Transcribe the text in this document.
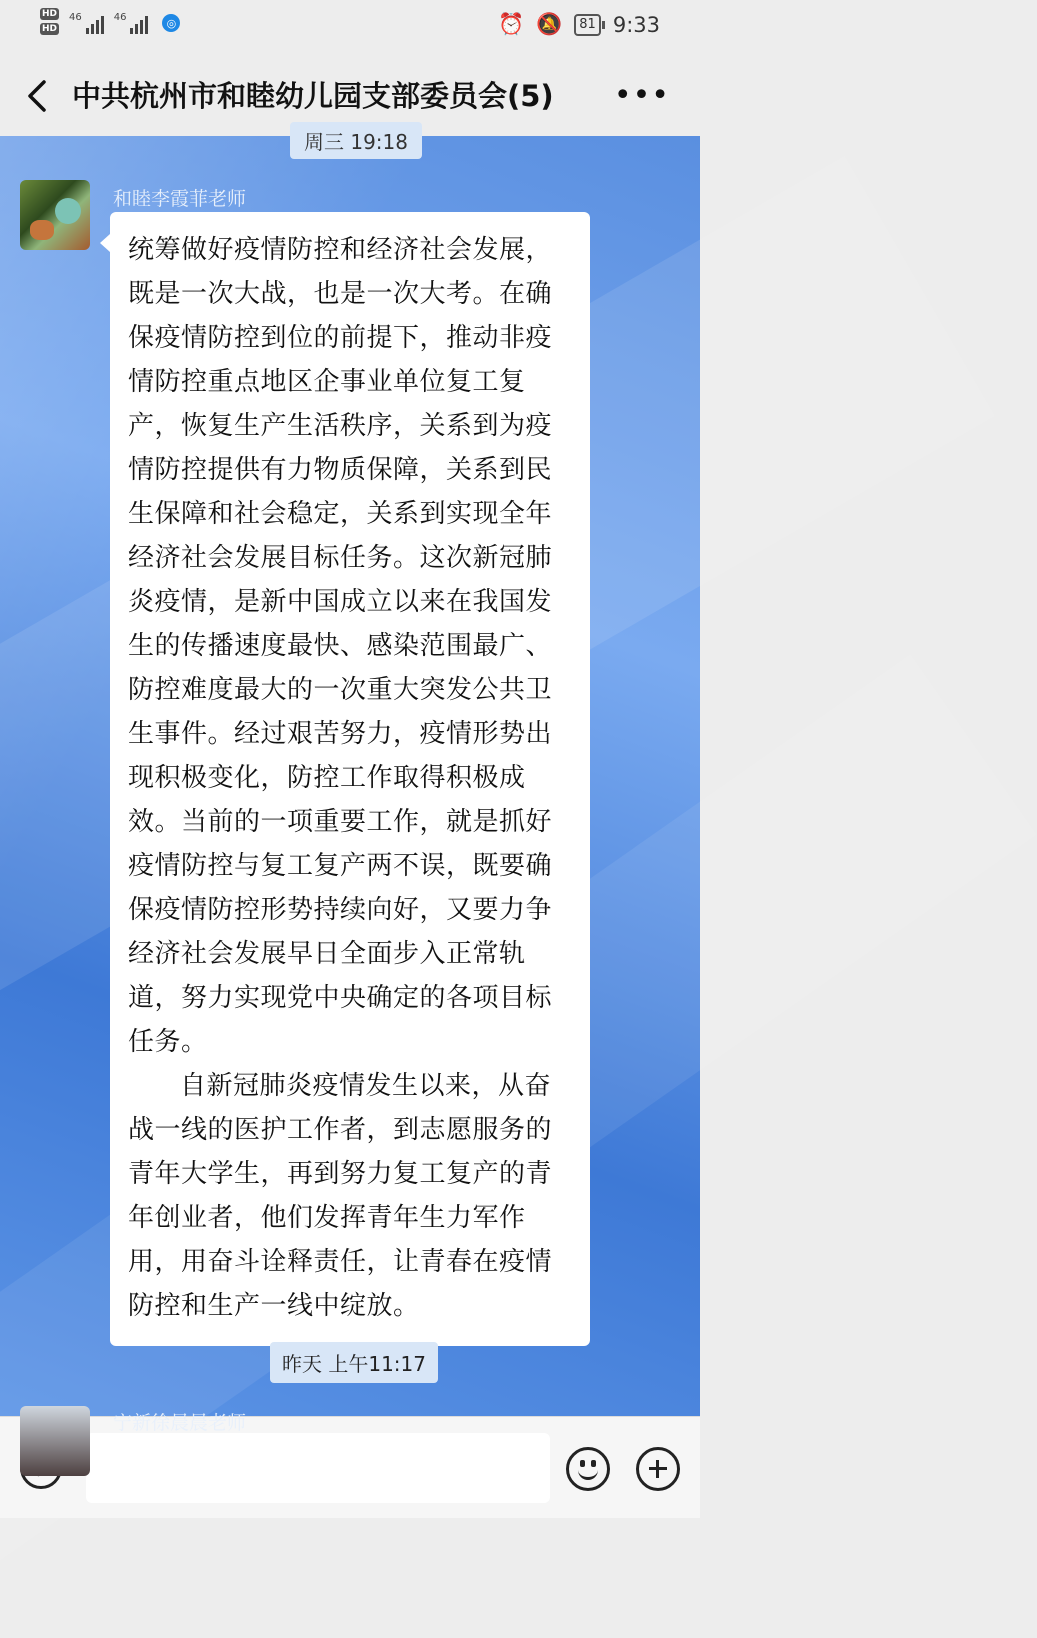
HD
HD
46	46	◎	⏰ 🔕	81 9:33
中共杭州市和睦幼儿园支部委员会(5) •••
周三 19:18
和睦李霞菲老师

统筹做好疫情防控和经济社会发展，既是一次大战，也是一次大考。在确保疫情防控到位的前提下，推动非疫情防控重点地区企事业单位复工复产，恢复生产生活秩序，关系到为疫情防控提供有力物质保障，关系到民生保障和社会稳定，关系到实现全年经济社会发展目标任务。这次新冠肺炎疫情，是新中国成立以来在我国发生的传播速度最快、感染范围最广、防控难度最大的一次重大突发公共卫生事件。经过艰苦努力，疫情形势出现积极变化，防控工作取得积极成效。当前的一项重要工作，就是抓好疫情防控与复工复产两不误，既要确保疫情防控形势持续向好，又要力争经济社会发展早日全面步入正常轨道，努力实现党中央确定的各项目标任务。

自新冠肺炎疫情发生以来，从奋战一线的医护工作者，到志愿服务的青年大学生，再到努力复工复产的青年创业者，他们发挥青年生力军作用，用奋斗诠释责任，让青春在疫情防控和生产一线中绽放。

昨天 上午11:17
宁新徐晨晨老师
